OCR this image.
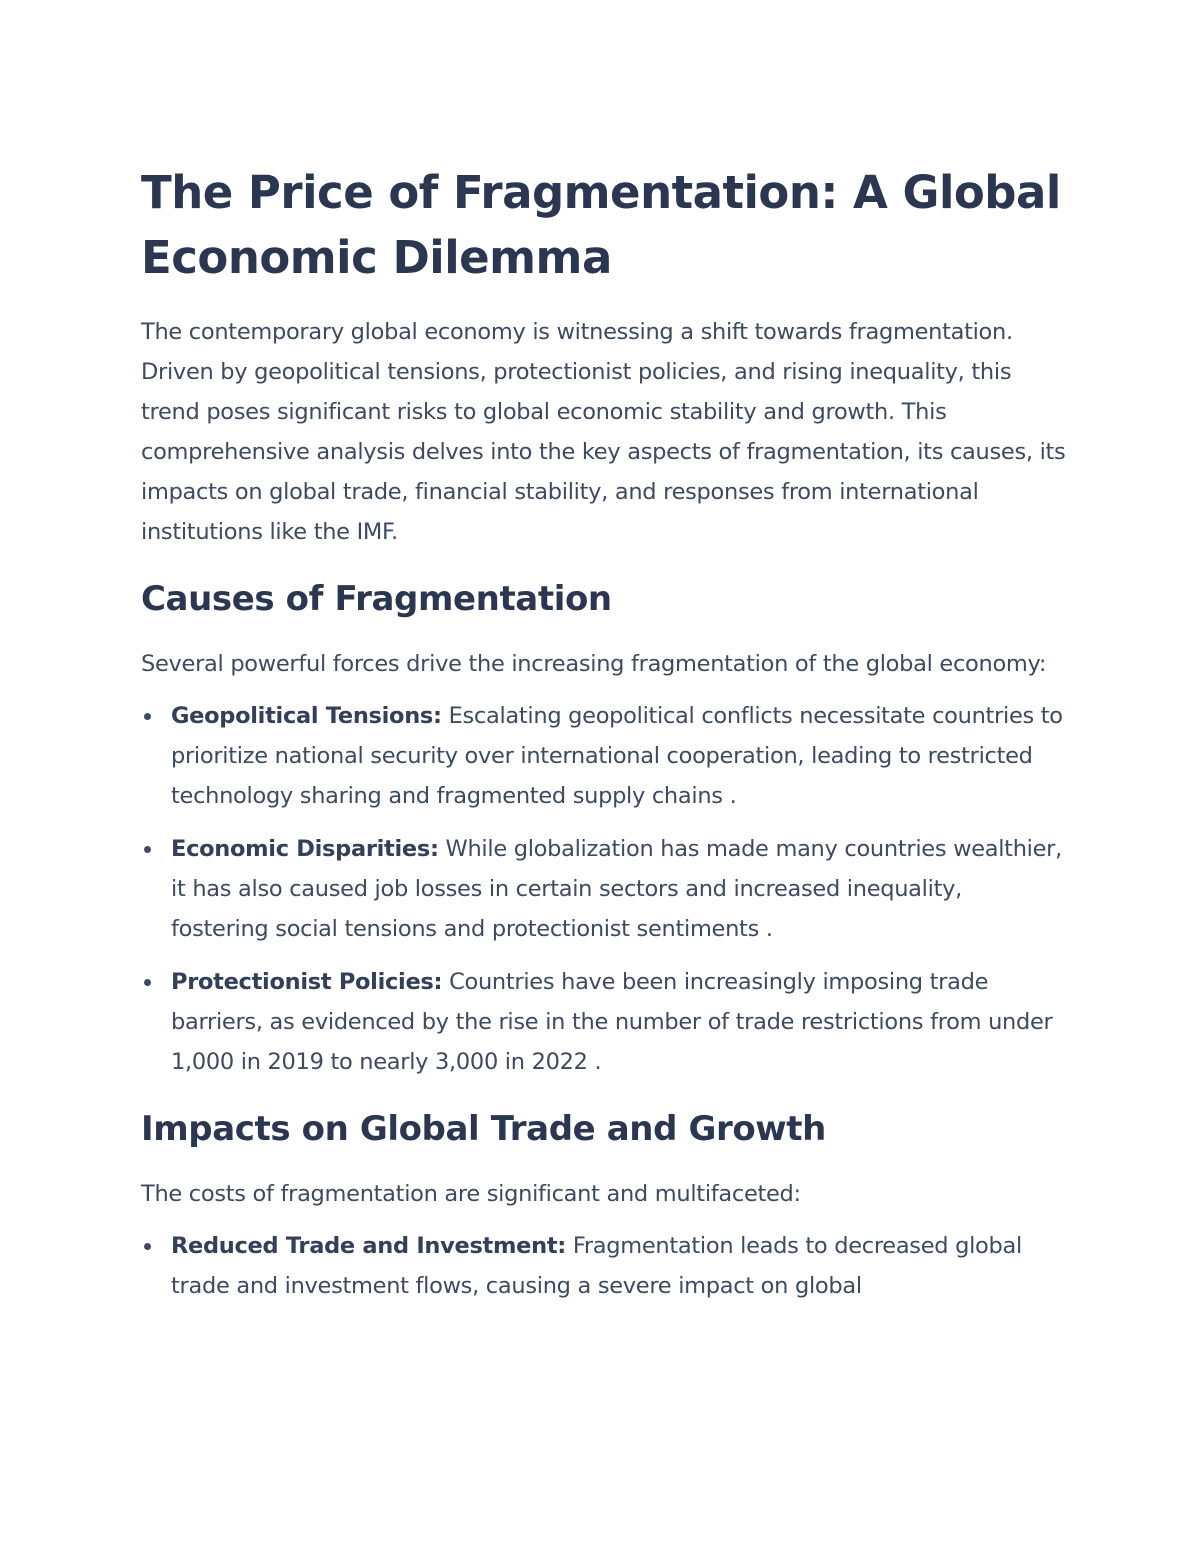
The Price of Fragmentation: A Global Economic Dilemma

The contemporary global economy is witnessing a shift towards fragmentation. Driven by geopolitical tensions, protectionist policies, and rising inequality, this trend poses significant risks to global economic stability and growth. This comprehensive analysis delves into the key aspects of fragmentation, its causes, its impacts on global trade, financial stability, and responses from international institutions like the IMF.

Causes of Fragmentation

Several powerful forces drive the increasing fragmentation of the global economy:

Geopolitical Tensions: Escalating geopolitical conflicts necessitate countries to prioritize national security over international cooperation, leading to restricted technology sharing and fragmented supply chains .
Economic Disparities: While globalization has made many countries wealthier, it has also caused job losses in certain sectors and increased inequality, fostering social tensions and protectionist sentiments .
Protectionist Policies: Countries have been increasingly imposing trade barriers, as evidenced by the rise in the number of trade restrictions from under 1,000 in 2019 to nearly 3,000 in 2022 .
Impacts on Global Trade and Growth

The costs of fragmentation are significant and multifaceted:

Reduced Trade and Investment: Fragmentation leads to decreased global trade and investment flows, causing a severe impact on global
